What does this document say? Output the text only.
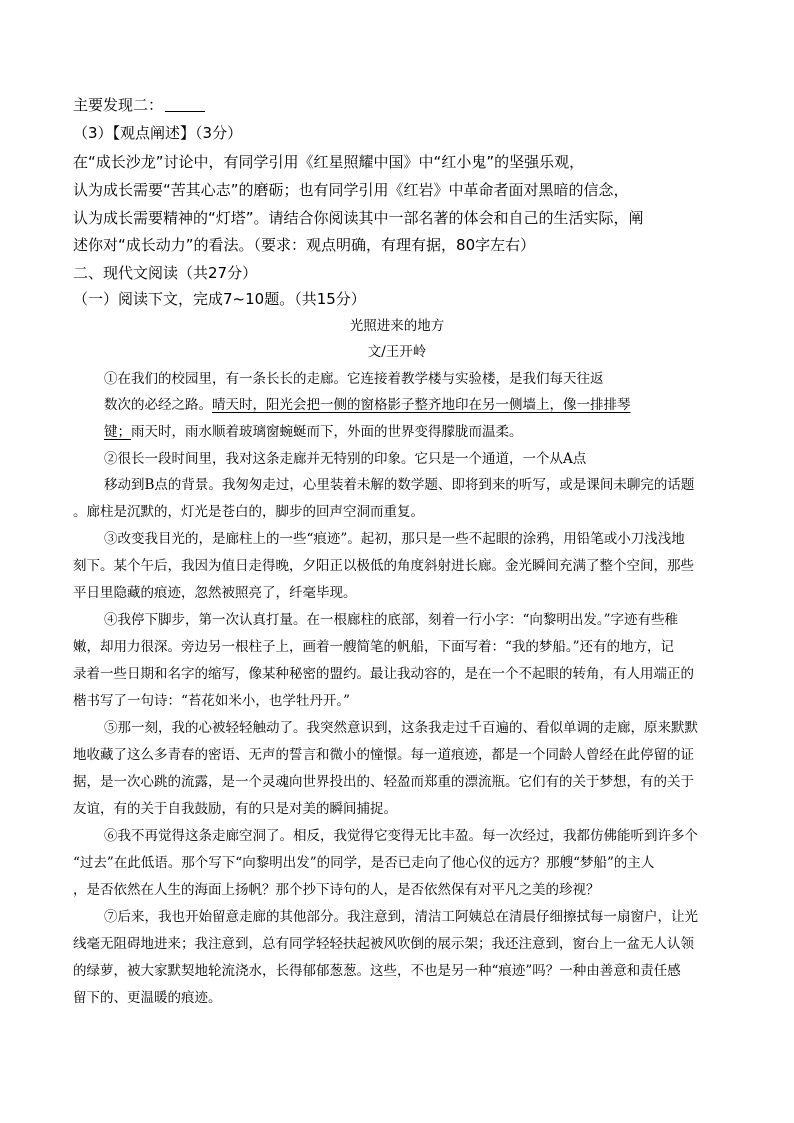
主要发现二：
（3）【观点阐述】（3分）
在“成长沙龙”讨论中，有同学引用《红星照耀中国》中“红小鬼”的坚强乐观，
认为成长需要“苦其心志”的磨砺；也有同学引用《红岩》中革命者面对黑暗的信念，
认为成长需要精神的“灯塔”。请结合你阅读其中一部名著的体会和自己的生活实际，阐
述你对“成长动力”的看法。（要求：观点明确，有理有据，80字左右）
二、现代文阅读（共27分）
（一）阅读下文，完成7~10题。（共15分）
光照进来的地方
文/王开岭
①在我们的校园里，有一条长长的走廊。它连接着教学楼与实验楼，是我们每天往返
数次的必经之路。晴天时，阳光会把一侧的窗格影子整齐地印在另一侧墙上，像一排排琴
键；雨天时，雨水顺着玻璃窗蜿蜒而下，外面的世界变得朦胧而温柔。
②很长一段时间里，我对这条走廊并无特别的印象。它只是一个通道，一个从A点
移动到B点的背景。我匆匆走过，心里装着未解的数学题、即将到来的听写，或是课间未聊完的话题
。廊柱是沉默的，灯光是苍白的，脚步的回声空洞而重复。
③改变我目光的，是廊柱上的一些“痕迹”。起初，那只是一些不起眼的涂鸦，用铅笔或小刀浅浅地
刻下。某个午后，我因为值日走得晚，夕阳正以极低的角度斜射进长廊。金光瞬间充满了整个空间，那些
平日里隐藏的痕迹，忽然被照亮了，纤毫毕现。
④我停下脚步，第一次认真打量。在一根廊柱的底部，刻着一行小字：“向黎明出发。”字迹有些稚
嫩，却用力很深。旁边另一根柱子上，画着一艘简笔的帆船，下面写着：“我的梦船。”还有的地方，记
录着一些日期和名字的缩写，像某种秘密的盟约。最让我动容的，是在一个不起眼的转角，有人用端正的
楷书写了一句诗：“苔花如米小，也学牡丹开。”
⑤那一刻，我的心被轻轻触动了。我突然意识到，这条我走过千百遍的、看似单调的走廊，原来默默
地收藏了这么多青春的密语、无声的誓言和微小的憧憬。每一道痕迹，都是一个同龄人曾经在此停留的证
据，是一次心跳的流露，是一个灵魂向世界投出的、轻盈而郑重的漂流瓶。它们有的关于梦想，有的关于
友谊，有的关于自我鼓励，有的只是对美的瞬间捕捉。
⑥我不再觉得这条走廊空洞了。相反，我觉得它变得无比丰盈。每一次经过，我都仿佛能听到许多个
“过去”在此低语。那个写下“向黎明出发”的同学，是否已走向了他心仪的远方？那艘“梦船”的主人
，是否依然在人生的海面上扬帆？那个抄下诗句的人，是否依然保有对平凡之美的珍视？
⑦后来，我也开始留意走廊的其他部分。我注意到，清洁工阿姨总在清晨仔细擦拭每一扇窗户，让光
线毫无阻碍地进来；我注意到，总有同学轻轻扶起被风吹倒的展示架；我还注意到，窗台上一盆无人认领
的绿萝，被大家默契地轮流浇水，长得郁郁葱葱。这些，不也是另一种“痕迹”吗？一种由善意和责任感
留下的、更温暖的痕迹。
